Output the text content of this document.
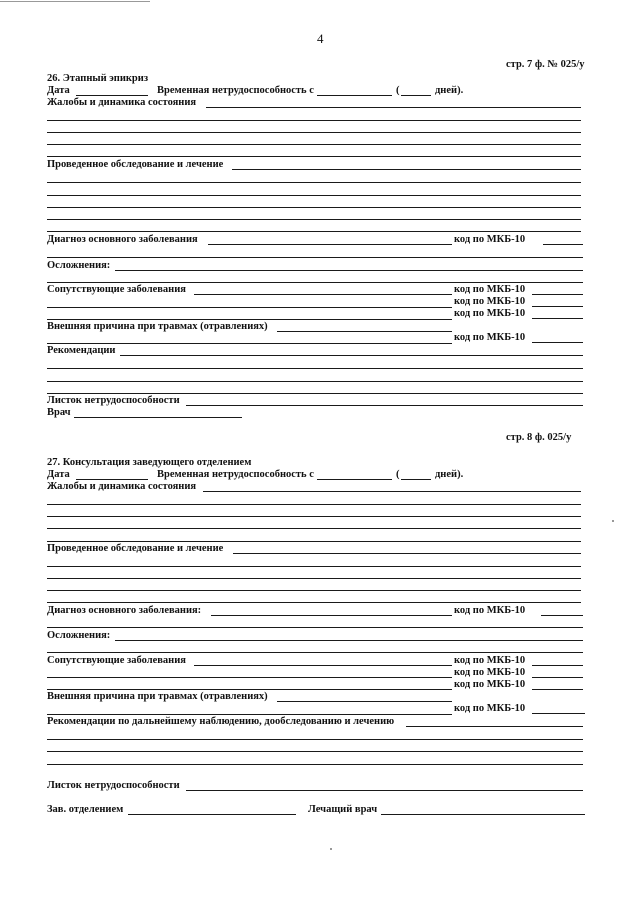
4
стр. 7 ф. № 025/у
26. Этапный эпикриз
Дата	Временная нетрудоспособность с	(	дней).
Жалобы и динамика состояния
Проведенное обследование и лечение
Диагноз основного заболевания	код по МКБ-10
Осложнения:
Сопутствующие заболевания	код по МКБ-10
код по МКБ-10
код по МКБ-10
Внешняя причина при травмах (отравлениях)
код по МКБ-10
Рекомендации
Листок нетрудоспособности
Врач
стр. 8 ф. 025/у
27. Консультация заведующего отделением
Дата	Временная нетрудоспособность с	(	дней).
Жалобы и динамика состояния
Проведенное обследование и лечение
Диагноз основного заболевания:	код по МКБ-10
Осложнения:
Сопутствующие заболевания	код по МКБ-10
код по МКБ-10
код по МКБ-10
Внешняя причина при травмах (отравлениях)
код по МКБ-10
Рекомендации по дальнейшему наблюдению, дообследованию и лечению
Листок нетрудоспособности
Зав. отделением	Лечащий врач
